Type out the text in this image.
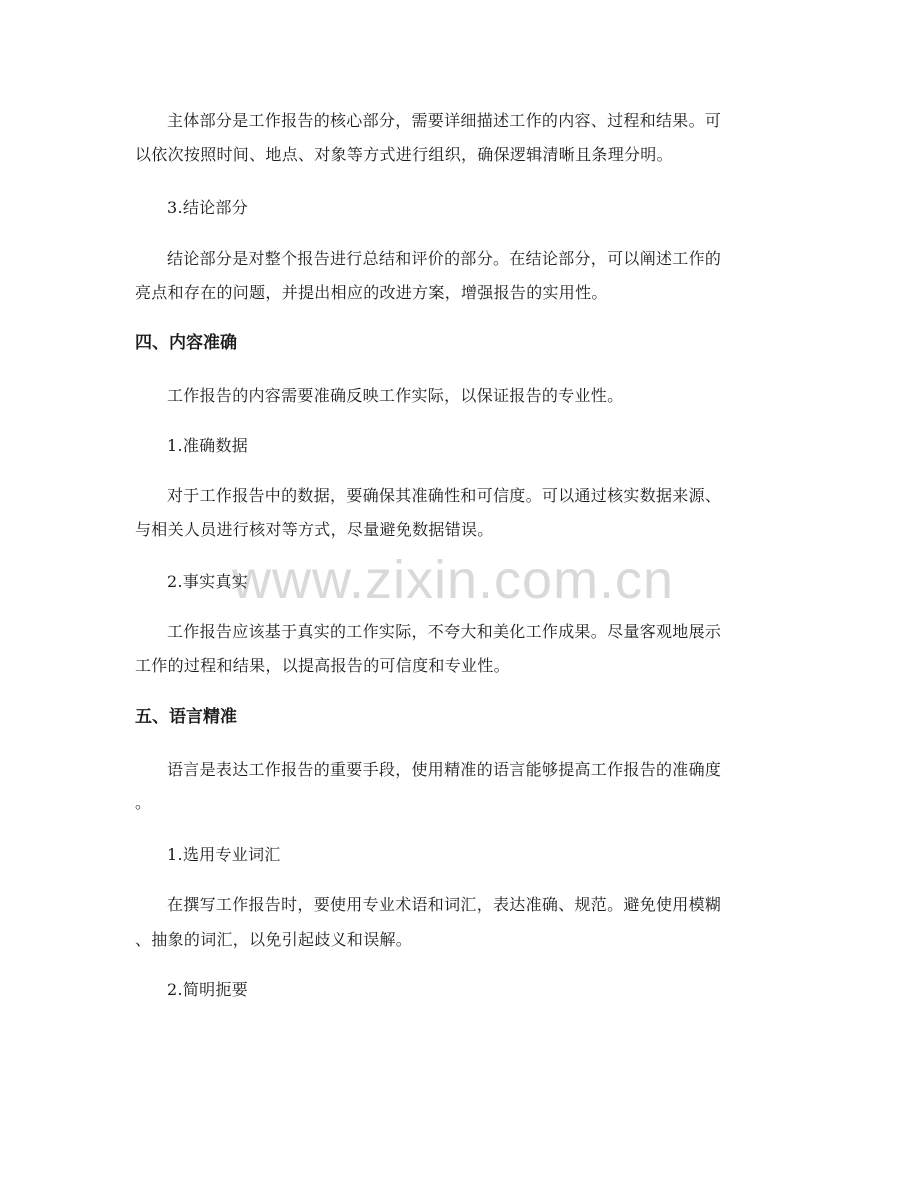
www.zixin.com.cn

主体部分是工作报告的核心部分，需要详细描述工作的内容、过程和结果。可

以依次按照时间、地点、对象等方式进行组织，确保逻辑清晰且条理分明。

3.结论部分

结论部分是对整个报告进行总结和评价的部分。在结论部分，可以阐述工作的

亮点和存在的问题，并提出相应的改进方案，增强报告的实用性。

四、内容准确

工作报告的内容需要准确反映工作实际，以保证报告的专业性。

1.准确数据

对于工作报告中的数据，要确保其准确性和可信度。可以通过核实数据来源、

与相关人员进行核对等方式，尽量避免数据错误。

2.事实真实

工作报告应该基于真实的工作实际，不夸大和美化工作成果。尽量客观地展示

工作的过程和结果，以提高报告的可信度和专业性。

五、语言精准

语言是表达工作报告的重要手段，使用精准的语言能够提高工作报告的准确度

。

1.选用专业词汇

在撰写工作报告时，要使用专业术语和词汇，表达准确、规范。避免使用模糊

、抽象的词汇，以免引起歧义和误解。

2.简明扼要
